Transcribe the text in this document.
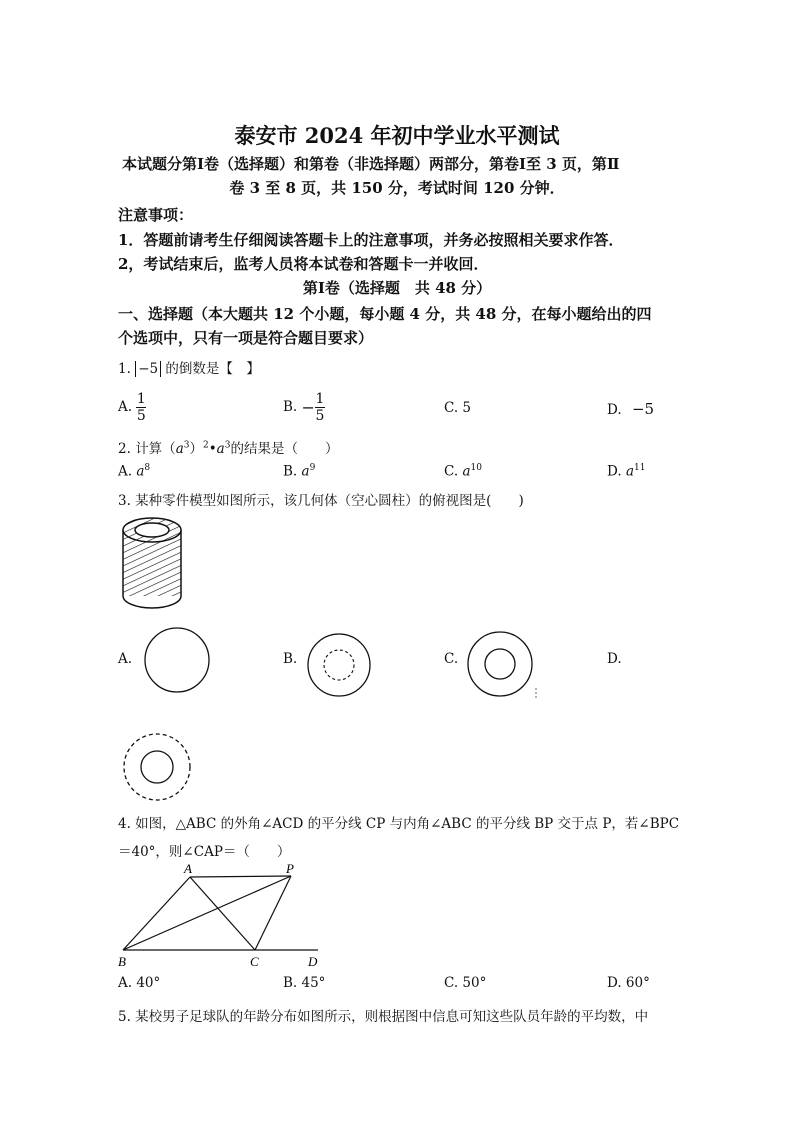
泰安市 2024 年初中学业水平测试
本试题分第Ⅰ卷（选择题）和第卷（非选择题）两部分，第卷Ⅰ至 3 页，第Ⅱ
卷 3 至 8 页，共 150 分，考试时间 120 分钟．
注意事项：
1．答题前请考生仔细阅读答题卡上的注意事项，并务必按照相关要求作答．
2，考试结束后，监考人员将本试卷和答题卡一并收回．
第Ⅰ卷（选择题　共 48 分）
一、选择题（本大题共 12 个小题，每小题 4 分，共 48 分，在每小题给出的四
个选项中，只有一项是符合题目要求）
1. −5 的倒数是【　】
A. $\frac{1}{5}$	B. − $\frac{1}{5}$	C. 5	D. −5
2. 计算$(a^3)^2•a^3$的结果是（　　）
A. $a^8$	B. $a^9$	C. $a^{10}$	D. $a^{11}$
3. 某种零件模型如图所示，该几何体（空心圆柱）的俯视图是(　　)
A.	B.	C.	D.
4. 如图，△ABC 的外角∠ACD 的平分线 CP 与内角∠ABC 的平分线 BP 交于点 P，若∠BPC
＝40°，则∠CAP＝（　　）
A	P
B	C	D
A. 40°	B. 45°	C. 50°	D. 60°
5. 某校男子足球队的年龄分布如图所示，则根据图中信息可知这些队员年龄的平均数，中
